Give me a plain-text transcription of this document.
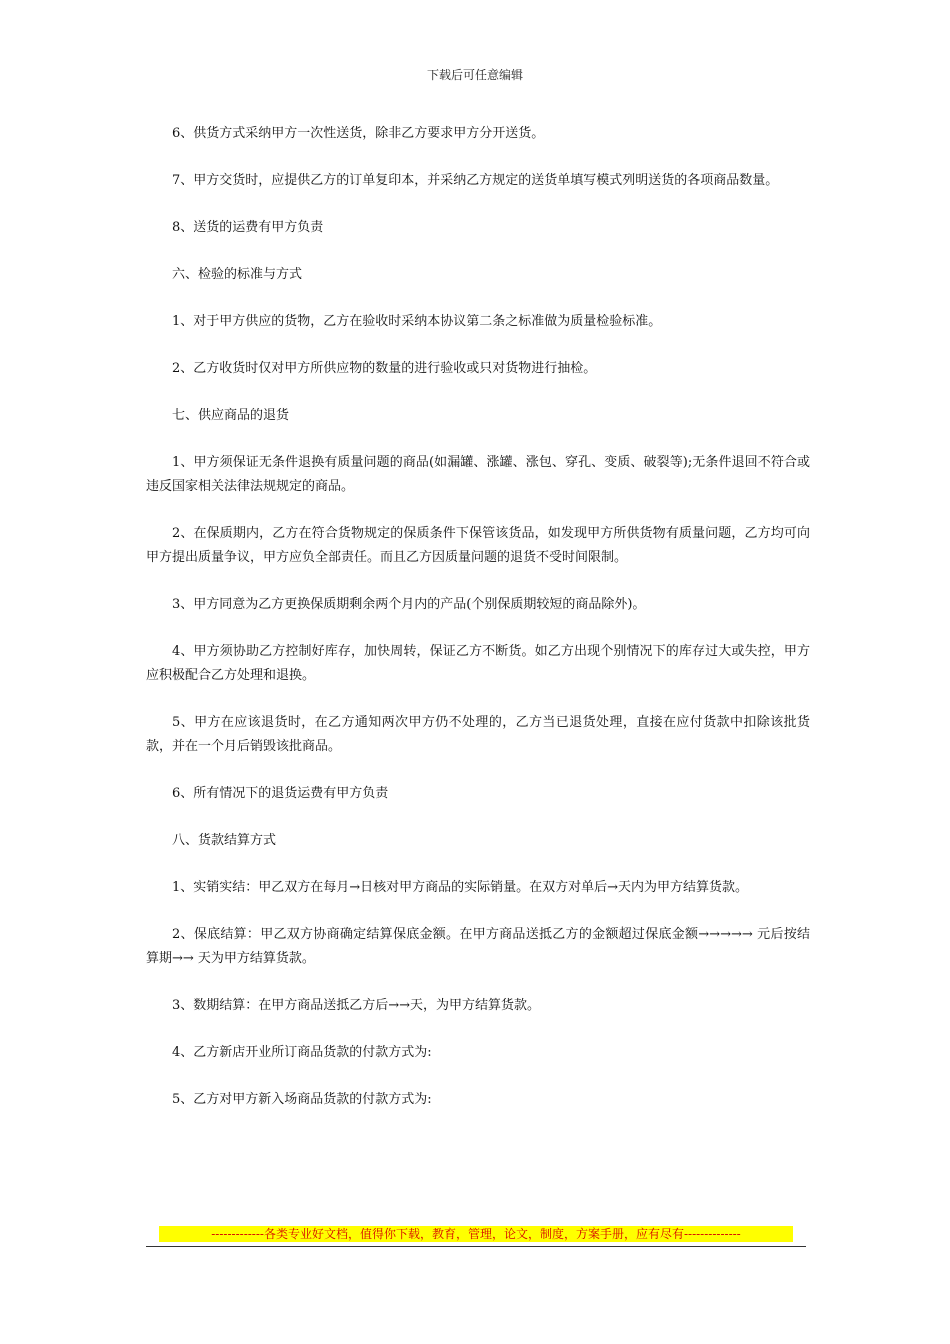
下载后可任意编辑

6、供货方式采纳甲方一次性送货，除非乙方要求甲方分开送货。

7、甲方交货时，应提供乙方的订单复印本，并采纳乙方规定的送货单填写模式列明送货的各项商品数量。

8、送货的运费有甲方负责

六、检验的标准与方式

1、对于甲方供应的货物，乙方在验收时采纳本协议第二条之标准做为质量检验标准。

2、乙方收货时仅对甲方所供应物的数量的进行验收或只对货物进行抽检。

七、供应商品的退货

1、甲方须保证无条件退换有质量问题的商品(如漏罐、涨罐、涨包、穿孔、变质、破裂等);无条件退回不符合或违反国家相关法律法规规定的商品。

2、在保质期内，乙方在符合货物规定的保质条件下保管该货品，如发现甲方所供货物有质量问题，乙方均可向甲方提出质量争议，甲方应负全部责任。而且乙方因质量问题的退货不受时间限制。

3、甲方同意为乙方更换保质期剩余两个月内的产品(个别保质期较短的商品除外)。

4、甲方须协助乙方控制好库存，加快周转，保证乙方不断货。如乙方出现个别情况下的库存过大或失控，甲方应积极配合乙方处理和退换。

5、甲方在应该退货时，在乙方通知两次甲方仍不处理的，乙方当已退货处理，直接在应付货款中扣除该批货款，并在一个月后销毁该批商品。

6、所有情况下的退货运费有甲方负责

八、货款结算方式

1、实销实结：甲乙双方在每月→日核对甲方商品的实际销量。在双方对单后→天内为甲方结算货款。

2、保底结算：甲乙双方协商确定结算保底金额。在甲方商品送抵乙方的金额超过保底金额→→→→→ 元后按结算期→→ 天为甲方结算货款。

3、数期结算：在甲方商品送抵乙方后→→天，为甲方结算货款。

4、乙方新店开业所订商品货款的付款方式为:

5、乙方对甲方新入场商品货款的付款方式为:

-------------各类专业好文档，值得你下载，教育，管理，论文，制度，方案手册，应有尽有--------------
